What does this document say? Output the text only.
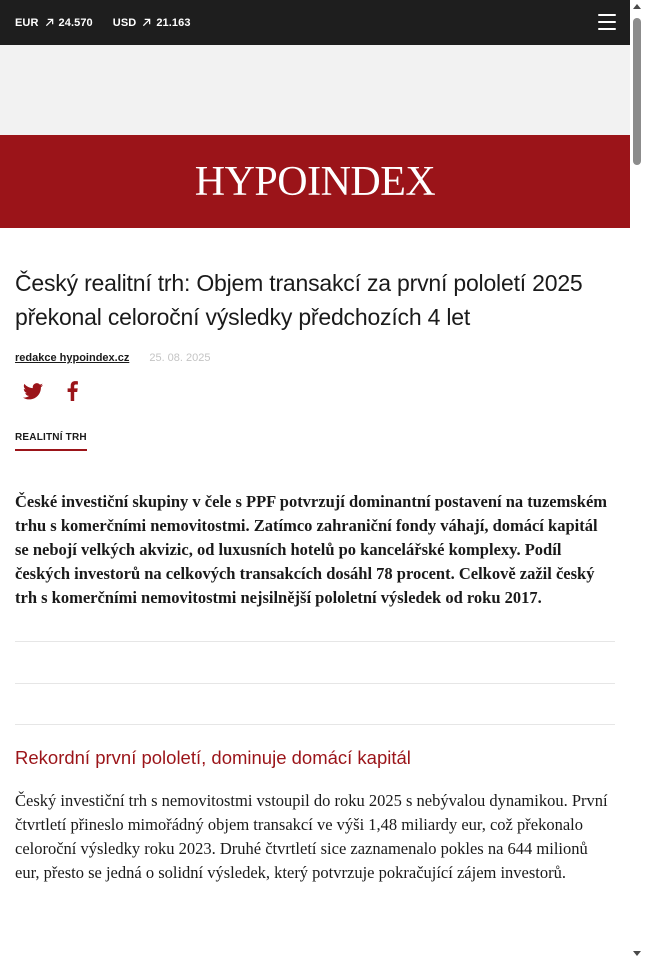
EUR 24.570 USD 21.163
HYPOINDEX
Český realitní trh: Objem transakcí za první pololetí 2025 překonal celoroční výsledky předchozích 4 let
redakce hypoindex.cz 25. 08. 2025
REALITNÍ TRH

České investiční skupiny v čele s PPF potvrzují dominantní postavení na tuzemském trhu s komerčními nemovitostmi. Zatímco zahraniční fondy váhají, domácí kapitál se nebojí velkých akvizic, od luxusních hotelů po kancelářské komplexy. Podíl českých investorů na celkových transakcích dosáhl 78 procent. Celkově zažil český trh s komerčními nemovitostmi nejsilnější pololetní výsledek od roku 2017.

Rekordní první pololetí, dominuje domácí kapitál

Český investiční trh s nemovitostmi vstoupil do roku 2025 s nebývalou dynamikou. První čtvrtletí přineslo mimořádný objem transakcí ve výši 1,48 miliardy eur, což překonalo celoroční výsledky roku 2023. Druhé čtvrtletí sice zaznamenalo pokles na 644 milionů eur, přesto se jedná o solidní výsledek, který potvrzuje pokračující zájem investorů.
